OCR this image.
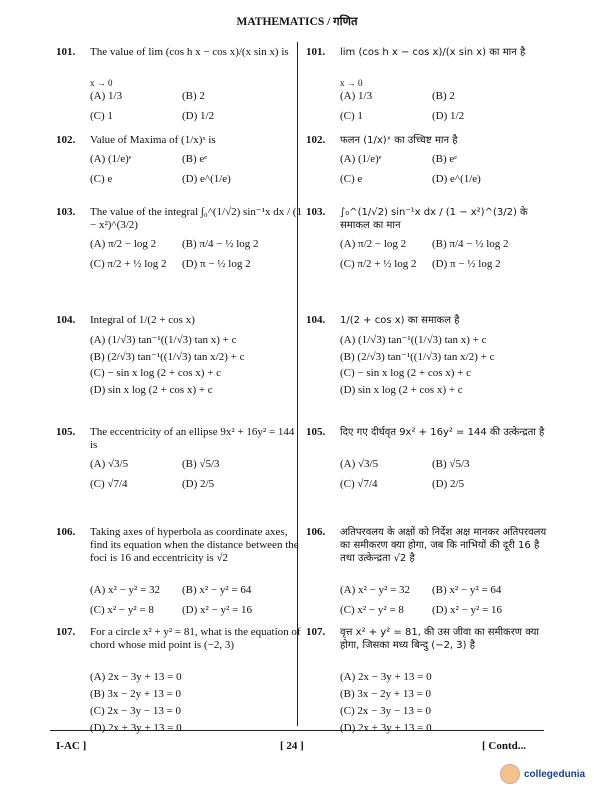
MATHEMATICS / गणित
101.	The value of lim (cos h x − cos x)/(x sin x) is
x → 0
(A) 1/3	(B) 2
(C) 1	(D) 1/2
102.	Value of Maxima of (1/x)ˣ is
(A) (1/e)ᵉ	(B) eᵉ
(C) e	(D) e^(1/e)
103.	The value of the integral ∫₀^(1/√2) sin⁻¹x dx / (1 − x²)^(3/2)
(A) π/2 − log 2 (B) π/4 − ½ log 2
(C) π/2 + ½ log 2 (D) π − ½ log 2
104.	Integral of 1/(2 + cos x)
(A) (1/√3) tan⁻¹((1/√3) tan x) + c
(B) (2/√3) tan⁻¹((1/√3) tan x/2) + c
(C) − sin x log (2 + cos x) + c
(D) sin x log (2 + cos x) + c
105.	The eccentricity of an ellipse 9x² + 16y² = 144 is
(A) √3/5	(B) √5/3
(C) √7/4	(D) 2/5
106.	Taking axes of hyperbola as coordinate axes, find its equation when the distance between the foci is 16 and eccentricity is √2
(A) x² − y² = 32 (B) x² − y² = 64
(C) x² − y² = 8	(D) x² − y² = 16
107.	For a circle x² + y² = 81, what is the equation of chord whose mid point is (−2, 3)
(A) 2x − 3y + 13 = 0
(B) 3x − 2y + 13 = 0
(C) 2x − 3y − 13 = 0
(D) 2x + 3y + 13 = 0
101.	lim (cos h x − cos x)/(x sin x) का मान है
x → 0
(A) 1/3	(B) 2
(C) 1	(D) 1/2
102.	फलन (1/x)ˣ का उच्चिष्ट मान है
(A) (1/e)ᵉ	(B) eᵉ
(C) e	(D) e^(1/e)
103.	∫₀^(1/√2) sin⁻¹x dx / (1 − x²)^(3/2) के समाकल का मान
(A) π/2 − log 2 (B) π/4 − ½ log 2
(C) π/2 + ½ log 2 (D) π − ½ log 2
104.	1/(2 + cos x) का समाकल है
(A) (1/√3) tan⁻¹((1/√3) tan x) + c
(B) (2/√3) tan⁻¹((1/√3) tan x/2) + c
(C) − sin x log (2 + cos x) + c
(D) sin x log (2 + cos x) + c
105.	दिए गए दीर्घवृत 9x² + 16y² = 144 की उत्केन्द्रता है
(A) √3/5	(B) √5/3
(C) √7/4	(D) 2/5
106.	अतिपरवलय के अक्षों को निर्देश अक्ष मानकर अतिपरवलय का समीकरण क्या होगा, जब कि नाभियों की दूरी 16 है तथा उत्केन्द्रता √2 है
(A) x² − y² = 32 (B) x² − y² = 64
(C) x² − y² = 8	(D) x² − y² = 16
107.	वृत्त x² + y² = 81, की उस जीवा का समीकरण क्या होगा, जिसका मध्य बिन्दु (−2, 3) है
(A) 2x − 3y + 13 = 0
(B) 3x − 2y + 13 = 0
(C) 2x − 3y − 13 = 0
(D) 2x + 3y + 13 = 0
I-AC ]	[ 24 ]	[ Contd...
collegedunia
